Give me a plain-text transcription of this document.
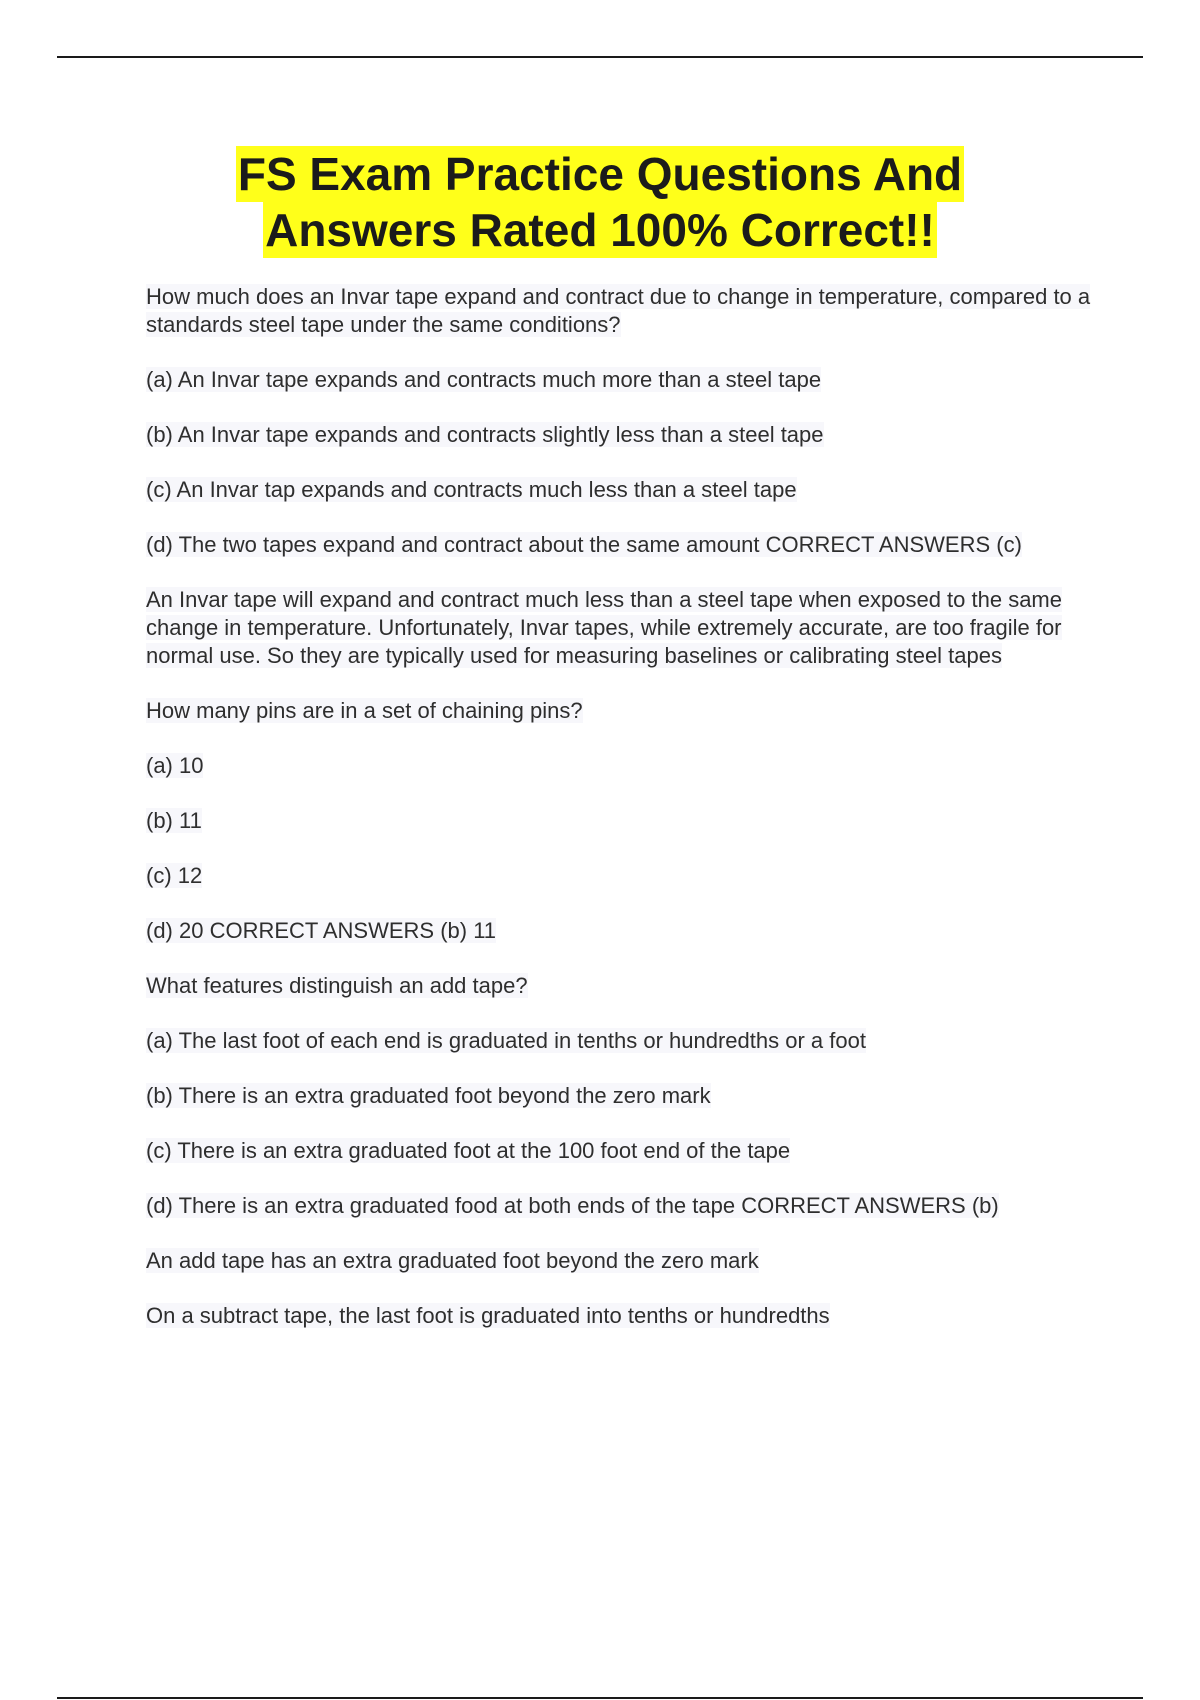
FS Exam Practice Questions And
Answers Rated 100% Correct!!

How much does an Invar tape expand and contract due to change in temperature, compared to a standards steel tape under the same conditions?

(a) An Invar tape expands and contracts much more than a steel tape

(b) An Invar tape expands and contracts slightly less than a steel tape

(c) An Invar tap expands and contracts much less than a steel tape

(d) The two tapes expand and contract about the same amount CORRECT ANSWERS (c)

An Invar tape will expand and contract much less than a steel tape when exposed to the same change in temperature. Unfortunately, Invar tapes, while extremely accurate, are too fragile for normal use. So they are typically used for measuring baselines or calibrating steel tapes

How many pins are in a set of chaining pins?

(a) 10

(b) 11

(c) 12

(d) 20 CORRECT ANSWERS (b) 11

What features distinguish an add tape?

(a) The last foot of each end is graduated in tenths or hundredths or a foot

(b) There is an extra graduated foot beyond the zero mark

(c) There is an extra graduated foot at the 100 foot end of the tape

(d) There is an extra graduated food at both ends of the tape CORRECT ANSWERS (b)

An add tape has an extra graduated foot beyond the zero mark

On a subtract tape, the last foot is graduated into tenths or hundredths
